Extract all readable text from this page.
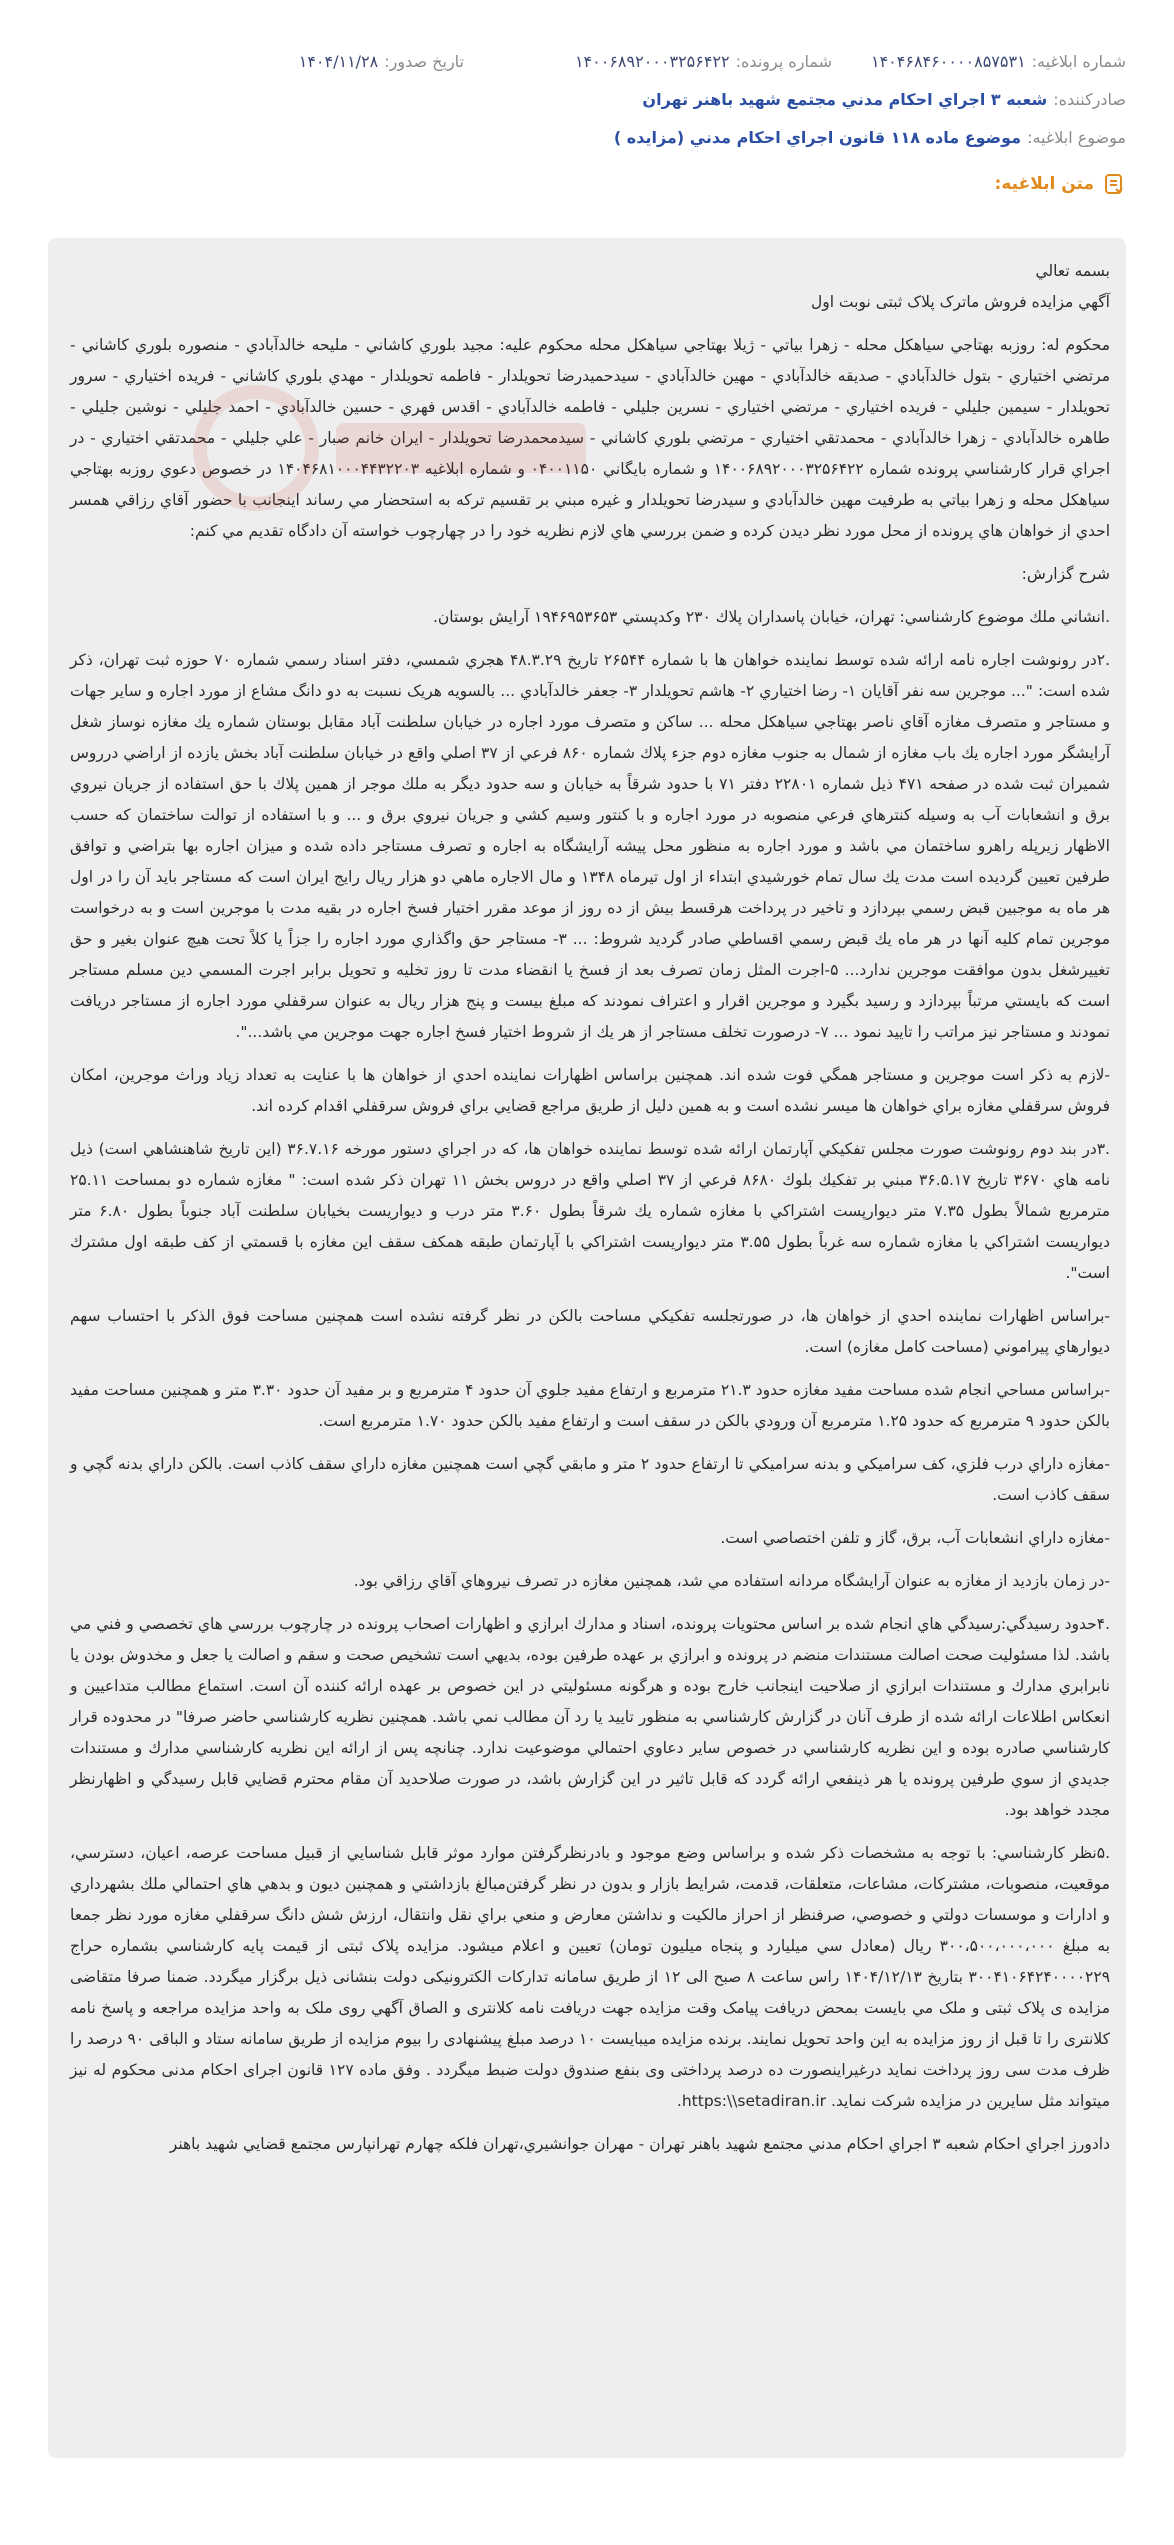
شماره ابلاغيه:
۱۴۰۴۶۸۴۶۰۰۰۰۸۵۷۵۳۱
شماره پرونده:
۱۴۰۰۶۸۹۲۰۰۰۳۲۵۶۴۲۲
تاريخ صدور:
۱۴۰۴/۱۱/۲۸
صادرکننده:
شعبه ۳ اجراي احکام مدني مجتمع شهيد باهنر تهران
موضوع ابلاغيه:
موضوع ماده ۱۱۸ قانون اجراي احکام مدني (مزايده )
متن ابلاغيه:

بسمه تعالي

آگهي مزايده فروش ماترک پلاک ثبتی نوبت اول

محکوم له: روزبه بهتاجي سياهکل محله - زهرا بياتي - ژيلا بهتاجي سياهکل محله محکوم عليه: مجيد بلوري کاشاني - مليحه خالدآبادي - منصوره بلوري کاشاني - مرتضي اختياري - بتول خالدآبادي - صديقه خالدآبادي - مهين خالدآبادي - سيدحميدرضا تحويلدار - فاطمه تحويلدار - مهدي بلوري کاشاني - فريده اختياري - سرور تحويلدار - سيمين جليلي - فريده اختياري - مرتضي اختياري - نسرين جليلي - فاطمه خالدآبادي - اقدس فهري - حسين خالدآبادي - احمد جليلي - نوشين جليلي - طاهره خالدآبادي - زهرا خالدآبادي - محمدتقي اختياري - مرتضي بلوري کاشاني - سيدمحمدرضا تحويلدار - ايران خانم صبار - علي جليلي - محمدتقي اختياري - در اجراي قرار کارشناسي پرونده شماره ۱۴۰۰۶۸۹۲۰۰۰۳۲۵۶۴۲۲ و شماره بايگاني ۰۴۰۰۱۱۵۰ و شماره ابلاغيه ۱۴۰۴۶۸۱۰۰۰۴۴۳۲۲۰۳ در خصوص دعوي روزبه بهتاجي سياهکل محله و زهرا بياتي به طرفيت مهين خالدآبادي و سيدرضا تحويلدار و غيره مبني بر تقسيم ترکه به استحضار مي رساند اينجانب با حضور آقاي رزاقي همسر احدي از خواهان هاي پرونده از محل مورد نظر ديدن کرده و ضمن بررسي هاي لازم نظريه خود را در چهارچوب خواسته آن دادگاه تقديم مي کنم:

شرح گزارش:

.انشاني ملك موضوع كارشناسي: تهران، خيابان پاسداران پلاك ۲۳۰ وكدپستي ۱۹۴۶۹۵۳۶۵۳ آرايش بوستان.

.۲در رونوشت اجاره نامه ارائه شده توسط نماينده خواهان ها با شماره ۲۶۵۴۴ تاريخ ۴۸.۳.۲۹ هجري شمسي، دفتر اسناد رسمي شماره ۷۰ حوزه ثبت تهران، ذکر شده است: "... موجرين سه نفر آقايان ۱- رضا اختياري ۲- هاشم تحويلدار ۳- جعفر خالدآبادي ... بالسويه هريک نسبت به دو دانگ مشاع از مورد اجاره و ساير جهات و مستاجر و متصرف مغازه آقاي ناصر بهتاجي سياهکل محله ... ساکن و متصرف مورد اجاره در خيابان سلطنت آباد مقابل بوستان شماره يك مغازه نوساز شغل آرايشگر مورد اجاره يك باب مغازه از شمال به جنوب مغازه دوم جزء پلاك شماره ۸۶۰ فرعي از ۳۷ اصلي واقع در خيابان سلطنت آباد بخش يازده از اراضي درروس شميران ثبت شده در صفحه ۴۷۱ ذيل شماره ۲۲۸۰۱ دفتر ۷۱ با حدود شرقاً به خيابان و سه حدود ديگر به ملك موجر از همين پلاك با حق استفاده از جريان نيروي برق و انشعابات آب به وسيله کنترهاي فرعي منصوبه در مورد اجاره و با کنتور وسيم کشي و جريان نيروي برق و ... و با استفاده از توالت ساختمان که حسب الاظهار زيرپله راهرو ساختمان مي باشد و مورد اجاره به منظور محل پيشه آرايشگاه به اجاره و تصرف مستاجر داده شده و ميزان اجاره بها بتراضي و توافق طرفين تعيين گرديده است مدت يك سال تمام خورشيدي ابتداء از اول تيرماه ۱۳۴۸ و مال الاجاره ماهي دو هزار ريال رايج ايران است که مستاجر بايد آن را در اول هر ماه به موجبين قبض رسمي بپردازد و تاخير در پرداخت هرقسط بيش از ده روز از موعد مقرر اختيار فسخ اجاره در بقيه مدت با موجرين است و به درخواست موجرين تمام کليه آنها در هر ماه يك قبض رسمي اقساطي صادر گرديد شروط: ... ۳- مستاجر حق واگذاري مورد اجاره را جزاً يا کلاً تحت هيچ عنوان بغير و حق تغييرشغل بدون موافقت موجرين ندارد... ۵-اجرت المثل زمان تصرف بعد از فسخ يا انقضاء مدت تا روز تخليه و تحويل برابر اجرت المسمي دين مسلم مستاجر است که بايستي مرتباً بپردازد و رسيد بگيرد و موجرين اقرار و اعتراف نمودند كه مبلغ بيست و پنج هزار ريال به عنوان سرقفلي مورد اجاره از مستاجر دريافت نمودند و مستاجر نيز مراتب را تاييد نمود ... ۷- درصورت تخلف مستاجر از هر يك از شروط اختيار فسخ اجاره جهت موجرين مي باشد...".

-لازم به ذكر است موجرين و مستاجر همگي فوت شده اند. همچنين براساس اظهارات نماينده احدي از خواهان ها با عنايت به تعداد زياد وراث موجرين، امكان فروش سرقفلي مغازه براي خواهان ها ميسر نشده است و به همين دليل از طريق مراجع قضايي براي فروش سرقفلي اقدام كرده اند.

.۳در بند دوم رونوشت صورت مجلس تفکيکي آپارتمان ارائه شده توسط نماينده خواهان ها، که در اجراي دستور مورخه ۳۶.۷.۱۶ (اين تاريخ شاهنشاهي است) ذيل نامه هاي ۳۶۷۰ تاريخ ۳۶.۵.۱۷ مبني بر تفکيك بلوك ۸۶۸۰ فرعي از ۳۷ اصلي واقع در دروس بخش ۱۱ تهران ذکر شده است: " مغازه شماره دو بمساحت ۲۵.۱۱ مترمربع شمالاً بطول ۷.۳۵ متر ديوارپست اشتراکي با مغازه شماره يك شرقاً بطول ۳.۶۰ متر درب و ديواريست بخيابان سلطنت آباد جنوباً بطول ۶.۸۰ متر ديواريست اشتراکي با مغازه شماره سه غرباً بطول ۳.۵۵ متر ديواريست اشتراکي با آپارتمان طبقه همکف سقف اين مغازه با قسمتي از کف طبقه اول مشترك است".

-براساس اظهارات نماينده احدي از خواهان ها، در صورتجلسه تفكيكي مساحت بالكن در نظر گرفته نشده است همچنين مساحت فوق الذكر با احتساب سهم ديوارهاي پيراموني (مساحت كامل مغازه) است.

-براساس مساحي انجام شده مساحت مفيد مغازه حدود ۲۱.۳ مترمربع و ارتفاع مفيد جلوي آن حدود ۴ مترمربع و بر مفيد آن حدود ۳.۳۰ متر و همچنين مساحت مفيد بالكن حدود ۹ مترمربع كه حدود ۱.۲۵ مترمربع آن ورودي بالكن در سقف است و ارتفاع مفيد بالكن حدود ۱.۷۰ مترمربع است.

-مغازه داراي درب فلزي، كف سراميكي و بدنه سراميكي تا ارتفاع حدود ۲ متر و مابقي گچي است همچنين مغازه داراي سقف كاذب است. بالكن داراي بدنه گچي و سقف كاذب است.

-مغازه داراي انشعابات آب، برق، گاز و تلفن اختصاصي است.

-در زمان بازديد از مغازه به عنوان آرايشگاه مردانه استفاده مي شد، همچنين مغازه در تصرف نيروهاي آقاي رزاقي بود.

.۴حدود رسيدگي:رسيدگي هاي انجام شده بر اساس محتويات پرونده، اسناد و مدارك ابرازي و اظهارات اصحاب پرونده در چارچوب بررسي هاي تخصصي و فني مي باشد. لذا مسئوليت صحت اصالت مستندات منضم در پرونده و ابرازي بر عهده طرفين بوده، بديهي است تشخيص صحت و سقم و اصالت يا جعل و مخدوش بودن يا نابرابري مدارك و مستندات ابرازي از صلاحيت اينجانب خارج بوده و هرگونه مسئوليتي در اين خصوص بر عهده ارائه كننده آن است. استماع مطالب متداعيين و انعكاس اطلاعات ارائه شده از طرف آنان در گزارش كارشناسي به منظور تاييد يا رد آن مطالب نمي باشد. همچنين نظريه كارشناسي حاضر صرفا" در محدوده قرار كارشناسي صادره بوده و اين نظريه كارشناسي در خصوص ساير دعاوي احتمالي موضوعيت ندارد. چنانچه پس از ارائه اين نظريه كارشناسي مدارك و مستندات جديدي از سوي طرفين پرونده يا هر ذينفعي ارائه گردد كه قابل تاثير در اين گزارش باشد، در صورت صلاحديد آن مقام محترم قضايي قابل رسيدگي و اظهارنظر مجدد خواهد بود.

.۵نظر كارشناسي: با توجه به مشخصات ذكر شده و براساس وضع موجود و بادرنظرگرفتن موارد موثر قابل شناسايي از قبيل مساحت عرصه، اعيان، دسترسي، موقعيت، منصوبات، مشتركات، مشاعات، متعلقات، قدمت، شرايط بازار و بدون در نظر گرفتن‌مبالغ بازداشتي و همچنين ديون و بدهي هاي احتمالي ملك بشهرداري و ادارات و موسسات دولتي و خصوصي، صرفنظر از احراز مالكيت و نداشتن معارض و منعي براي نقل وانتقال، ارزش شش دانگ سرقفلي مغازه مورد نظر جمعا به مبلغ ۳۰۰،۵۰۰،۰۰۰،۰۰۰ ريال (معادل سي ميليارد و پنجاه ميليون تومان) تعيين و اعلام ميشود. مزايده پلاک ثبتی از قيمت پايه کارشناسي بشماره حراج ۳۰۰۴۱۰۶۴۲۴۰۰۰۰۲۲۹ بتاريخ ۱۴۰۴/۱۲/۱۳ راس ساعت ۸ صبح الی ۱۲ از طريق سامانه تدارکات الکترونيکی دولت بنشانی ذيل برگزار ميگردد. ضمنا صرفا متقاضی مزايده ی پلاک ثبتی و ملک مي بايست بمحض دريافت پيامک وقت مزايده جهت دريافت نامه کلانتری و الصاق آگهي روی ملک به واحد مزايده مراجعه و پاسخ نامه کلانتری را تا قبل از روز مزايده به اين واحد تحويل نمايند. برنده مزايده ميبايست ۱۰ درصد مبلغ پيشنهادی را بيوم مزايده از طريق سامانه ستاد و الباقی ۹۰ درصد را ظرف مدت سی روز پرداخت نمايد درغيراينصورت ده درصد پرداختی وی بنفع صندوق دولت ضبط ميگردد . وفق ماده ۱۲۷ قانون اجرای احکام مدنی محکوم له نيز ميتواند مثل سايرين در مزايده شرکت نمايد. https:\\setadiran.ir.

دادورز اجراي احکام شعبه ۳ اجراي احکام مدني مجتمع شهيد باهنر تهران - مهران جوانشيري،تهران فلکه چهارم تهرانپارس مجتمع قضايي شهيد باهنر
